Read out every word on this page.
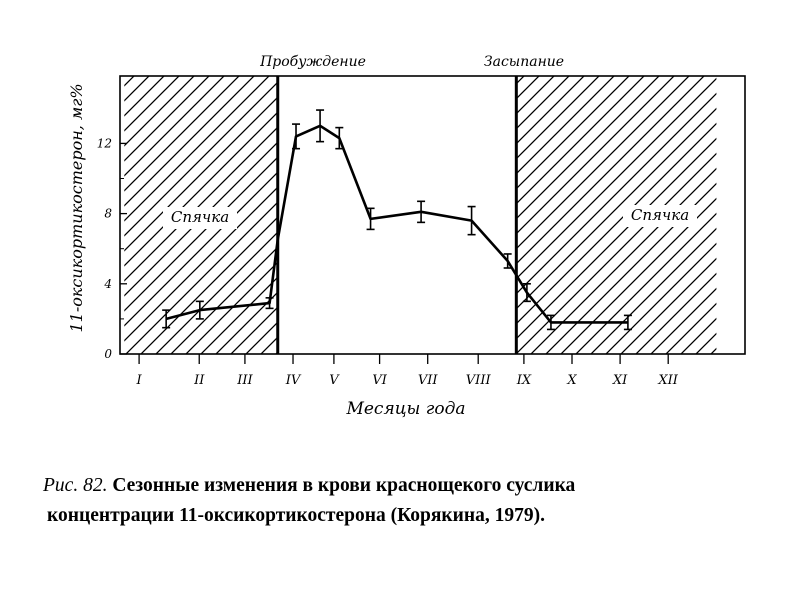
0
4
8
12
I	II	III	IV V	VI VII VIII IX	X	XI XII
Пробуждение	Засыпание
Спячка	Спячка
Месяцы года
11-оксикортикостерон, мг%
Рис. 82. Сезонные изменения в крови краснощекого суслика
концентрации 11-оксикортикостерона (Корякина, 1979).
